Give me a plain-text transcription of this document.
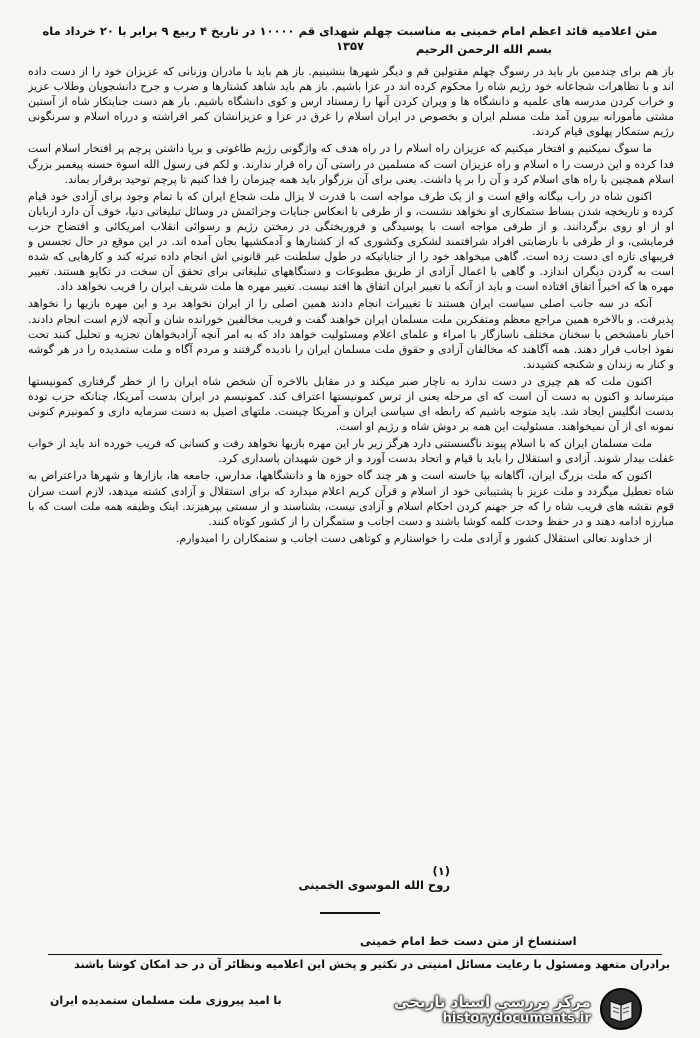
متن اعلامیه قائد اعظم امام خمینی به مناسبت چهلم شهدای قم ۱۰۰۰۰ در تاریخ ۴ ربیع ۹ برابر با ۲۰ خرداد ماه ۱۳۵۷	بسم الله الرحمن الرحیم

باز هم برای چندمین بار باید در رسوگ چهلم مقتولین قم و دیگر شهرها بنشینیم. باز هم باید با مادران وزنانی که عزیزان خود را از دست داده اند و با تظاهرات شجاعانه خود رژیم شاه را محکوم کرده اند در عزا باشیم. باز هم باید شاهد کشتارها و ضرب و جرح دانشجویان وطلاب عزیز و خراب کردن مدرسه های علمیه و دانشگاه ها و ویران کردن آنها را زمستاد ارس و کوی دانشگاه باشیم. بار هم دست جنایتکار شاه از آستین مشتی مأمورانه بیرون آمد ملت مسلم ایران و بخصوص در ایران اسلام را غرق در عزا و عزیزانشان کمر افراشته و درراه اسلام و سرنگونی رژیم ستمکار پهلوی قیام کردند.

ما سوگ نمیکنیم و افتخار میکنیم که عزیزان راه اسلام را در راه هدف که واژگونی رژیم طاغوتی و برپا داشتن پرچم پر افتخار اسلام است فدا کرده و این درست را ه اسلام و راه عزیزان است که مسلمین در راستی آن راه قرار ندارند. و لکم فی رسول الله اسوة حسنه پیغمبر بزرگ اسلام همچنین با راه های اسلام کرد و آن را بر پا داشت. یعنی برای آن بزرگوار باید همه چیزمان را فدا کنیم تا پرچم توحید برقرار بماند.

اکنون شاه در راب بیگانه واقع است و از یک طرف مواجه است با قدرت لا یزال ملت شجاع ایران که با تمام وجود برای آزادی خود قیام کرده و تاریخچه شدن بساط ستمکاری او نخواهد نشست، و از طرفی با انعکاس جنایات وجرائمش در وسائل تبلیغاتی دنیا، خوف آن دارد اربابان او از او روی برگردانند. و از طرفی مواجه است با پوسیدگی و فروریختگی در رمختن رژیم و رسوائی انقلاب امریکائی و افتضاح حزب فرمایشی، و از طرفی با نارضایتی افراد شرافتمند لشکری وکشوری که از کشتارها و آدمکشیها بجان آمده اند. در این موقع در حال تجسس و فریبهای تازه ای دست زده است. گاهی میخواهد خود را از جنایاتیکه در طول سلطنت غیر قانونی اش انجام داده تبرئه کند و کارهایی که شده است به گردن دیگران اندازد. و گاهی با اعمال آزادی از طریق مطبوعات و دستگاههای تبلیغاتی برای تحقق آن سخت در تکاپو هستند. تغییر مهره ها که اخیراً اتفاق افتاده است و باید از آنکه با تغییر ایران اتفاق ها افتد نیست. تغییر مهره ها ملت شریف ایران را فریب نخواهد داد.

آنکه در سه جانب اصلی سیاست ایران هستند تا تغییرات انجام دادند همین اصلی را از ایران نخواهد برد و این مهره بازیها را نخواهد پذیرفت. و بالاخره همین مراجع معظم ومتفکرین ملت مسلمان ایران خواهند گفت و فریب مخالفین خورانده شان و آنچه لازم است انجام دادند. اخبار نامشخص با سخنان مختلف ناسازگار با امراء و علمای اعلام ومسئولیت خواهد داد که به امر آنچه آزادیخواهان تجزیه و تحلیل کنند تحت نفوذ اجانب قرار دهند. همه آگاهند که مخالفان آزادی و حقوق ملت مسلمان ایران را نادیده گرفتند و مردم آگاه و ملت ستمدیده را در هر گوشه و کنار به زندان و شکنجه کشیدند.

اکنون ملت که هم چیزی در دست ندارد به ناچار صبر میکند و در مقابل بالاخره آن شخص شاه ایران را از خطر گرفتاری کمونیستها میترساند و اکنون به دست آن است که ای مرحله یعنی از ترس کمونیستها اعتراف کند. کمونیسم در ایران بدست آمریکا، چنانکه حزب توده بدست انگلیس ایجاد شد. باید متوجه باشیم که رابطه ای سیاسی ایران و آمریکا چیست. ملتهای اصیل به دست سرمایه داری و کمونیزم کنونی نمونه ای از آن نمیخواهند. مسئولیت این همه بر دوش شاه و رژیم او است.

ملت مسلمان ایران که با اسلام پیوند ناگسستنی دارد هرگز زیر بار این مهره بازیها نخواهد رفت و کسانی که فریب خورده اند باید از خواب غفلت بیدار شوند. آزادی و استقلال را باید با قیام و اتحاد بدست آورد و از خون شهیدان پاسداری کرد.

اکنون که ملت بزرگ ایران، آگاهانه بپا خاسته است و هر چند گاه حوزه ها و دانشگاهها، مدارس، جامعه ها، بازارها و شهرها دراعتراض به شاه تعطیل میگردد و ملت عزیز با پشتیبانی خود از اسلام و قرآن کریم اعلام میدارد که برای استقلال و آزادی کشته میدهد، لازم است سران قوم نقشه های فریب شاه را که جز جهنم کردن احکام اسلام و آزادی نیست، بشناسند و از سستی بپرهیزند. اینک وظیفه همه ملت است که با مبارزه ادامه دهند و در حفظ وحدت کلمه کوشا باشند و دست اجانب و ستمگران را از کشور کوتاه کنند.

از خداوند تعالی استقلال کشور و آزادی ملت را خواستارم و کوتاهی دست اجانب و ستمکاران را امیدوارم.

(۱)
روح الله الموسوی الخمینی
استنساخ از متن دست خط امام خمینی
برادران متعهد ومسئول با رعایت مسائل امنیتی در تکثیر و پخش این اعلامیه ونظائر آن در حد امکان کوشا باشند
با امید پیروزی ملت مسلمان ستمدیده ایران	مرکز بررسی اسناد تاریخی
historydocuments.ir
